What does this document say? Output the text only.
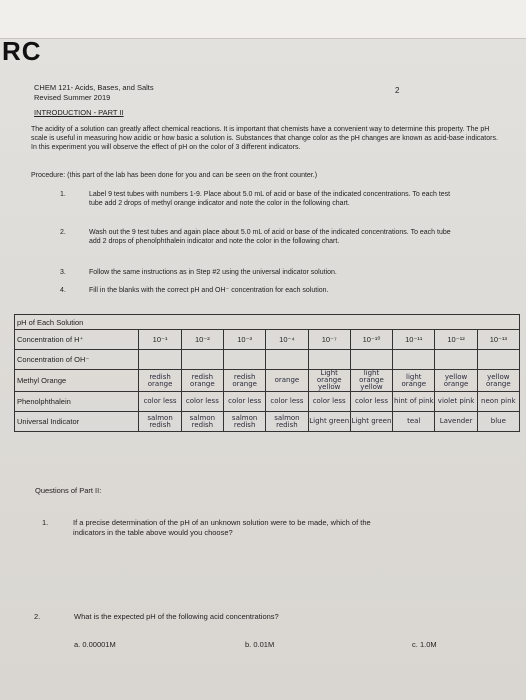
RC
CHEM 121- Acids, Bases, and Salts
Revised Summer 2019
2
INTRODUCTION - PART II
The acidity of a solution can greatly affect chemical reactions. It is important that chemists have a convenient way to determine this property. The pH scale is useful in measuring how acidic or how basic a solution is. Substances that change color as the pH changes are known as acid-base indicators. In this experiment you will observe the effect of pH on the color of 3 different indicators.
Procedure: (this part of the lab has been done for you and can be seen on the front counter.)
1.	Label 9 test tubes with numbers 1-9. Place about 5.0 mL of acid or base of the indicated concentrations. To each test tube add 2 drops of methyl orange indicator and note the color in the following chart.
2.	Wash out the 9 test tubes and again place about 5.0 mL of acid or base of the indicated concentrations. To each tube add 2 drops of phenolphthalein indicator and note the color in the following chart.
3.	Follow the same instructions as in Step #2 using the universal indicator solution.
4.	Fill in the blanks with the correct pH and OH⁻ concentration for each solution.
pH of Each Solution									
Concentration of H⁺	10⁻¹	10⁻²	10⁻³	10⁻⁴	10⁻⁷	10⁻¹⁰	10⁻¹¹	10⁻¹²	10⁻¹³
Concentration of OH⁻									
Methyl Orange	redish orange	redish orange	redish orange	orange	Light orange yellow	light orange yellow	light orange	yellow orange	yellow orange
Phenolphthalein	color less	color less	color less	color less	color less	color less	hint of pink	violet pink	neon pink
Universal Indicator	salmon redish	salmon redish	salmon redish	salmon redish	Light green	Light green	teal	Lavender	blue
Questions of Part II:
1.	If a precise determination of the pH of an unknown solution were to be made, which of the indicators in the table above would you choose?
2.	What is the expected pH of the following acid concentrations?
a. 0.00001M	b. 0.01M	c. 1.0M
